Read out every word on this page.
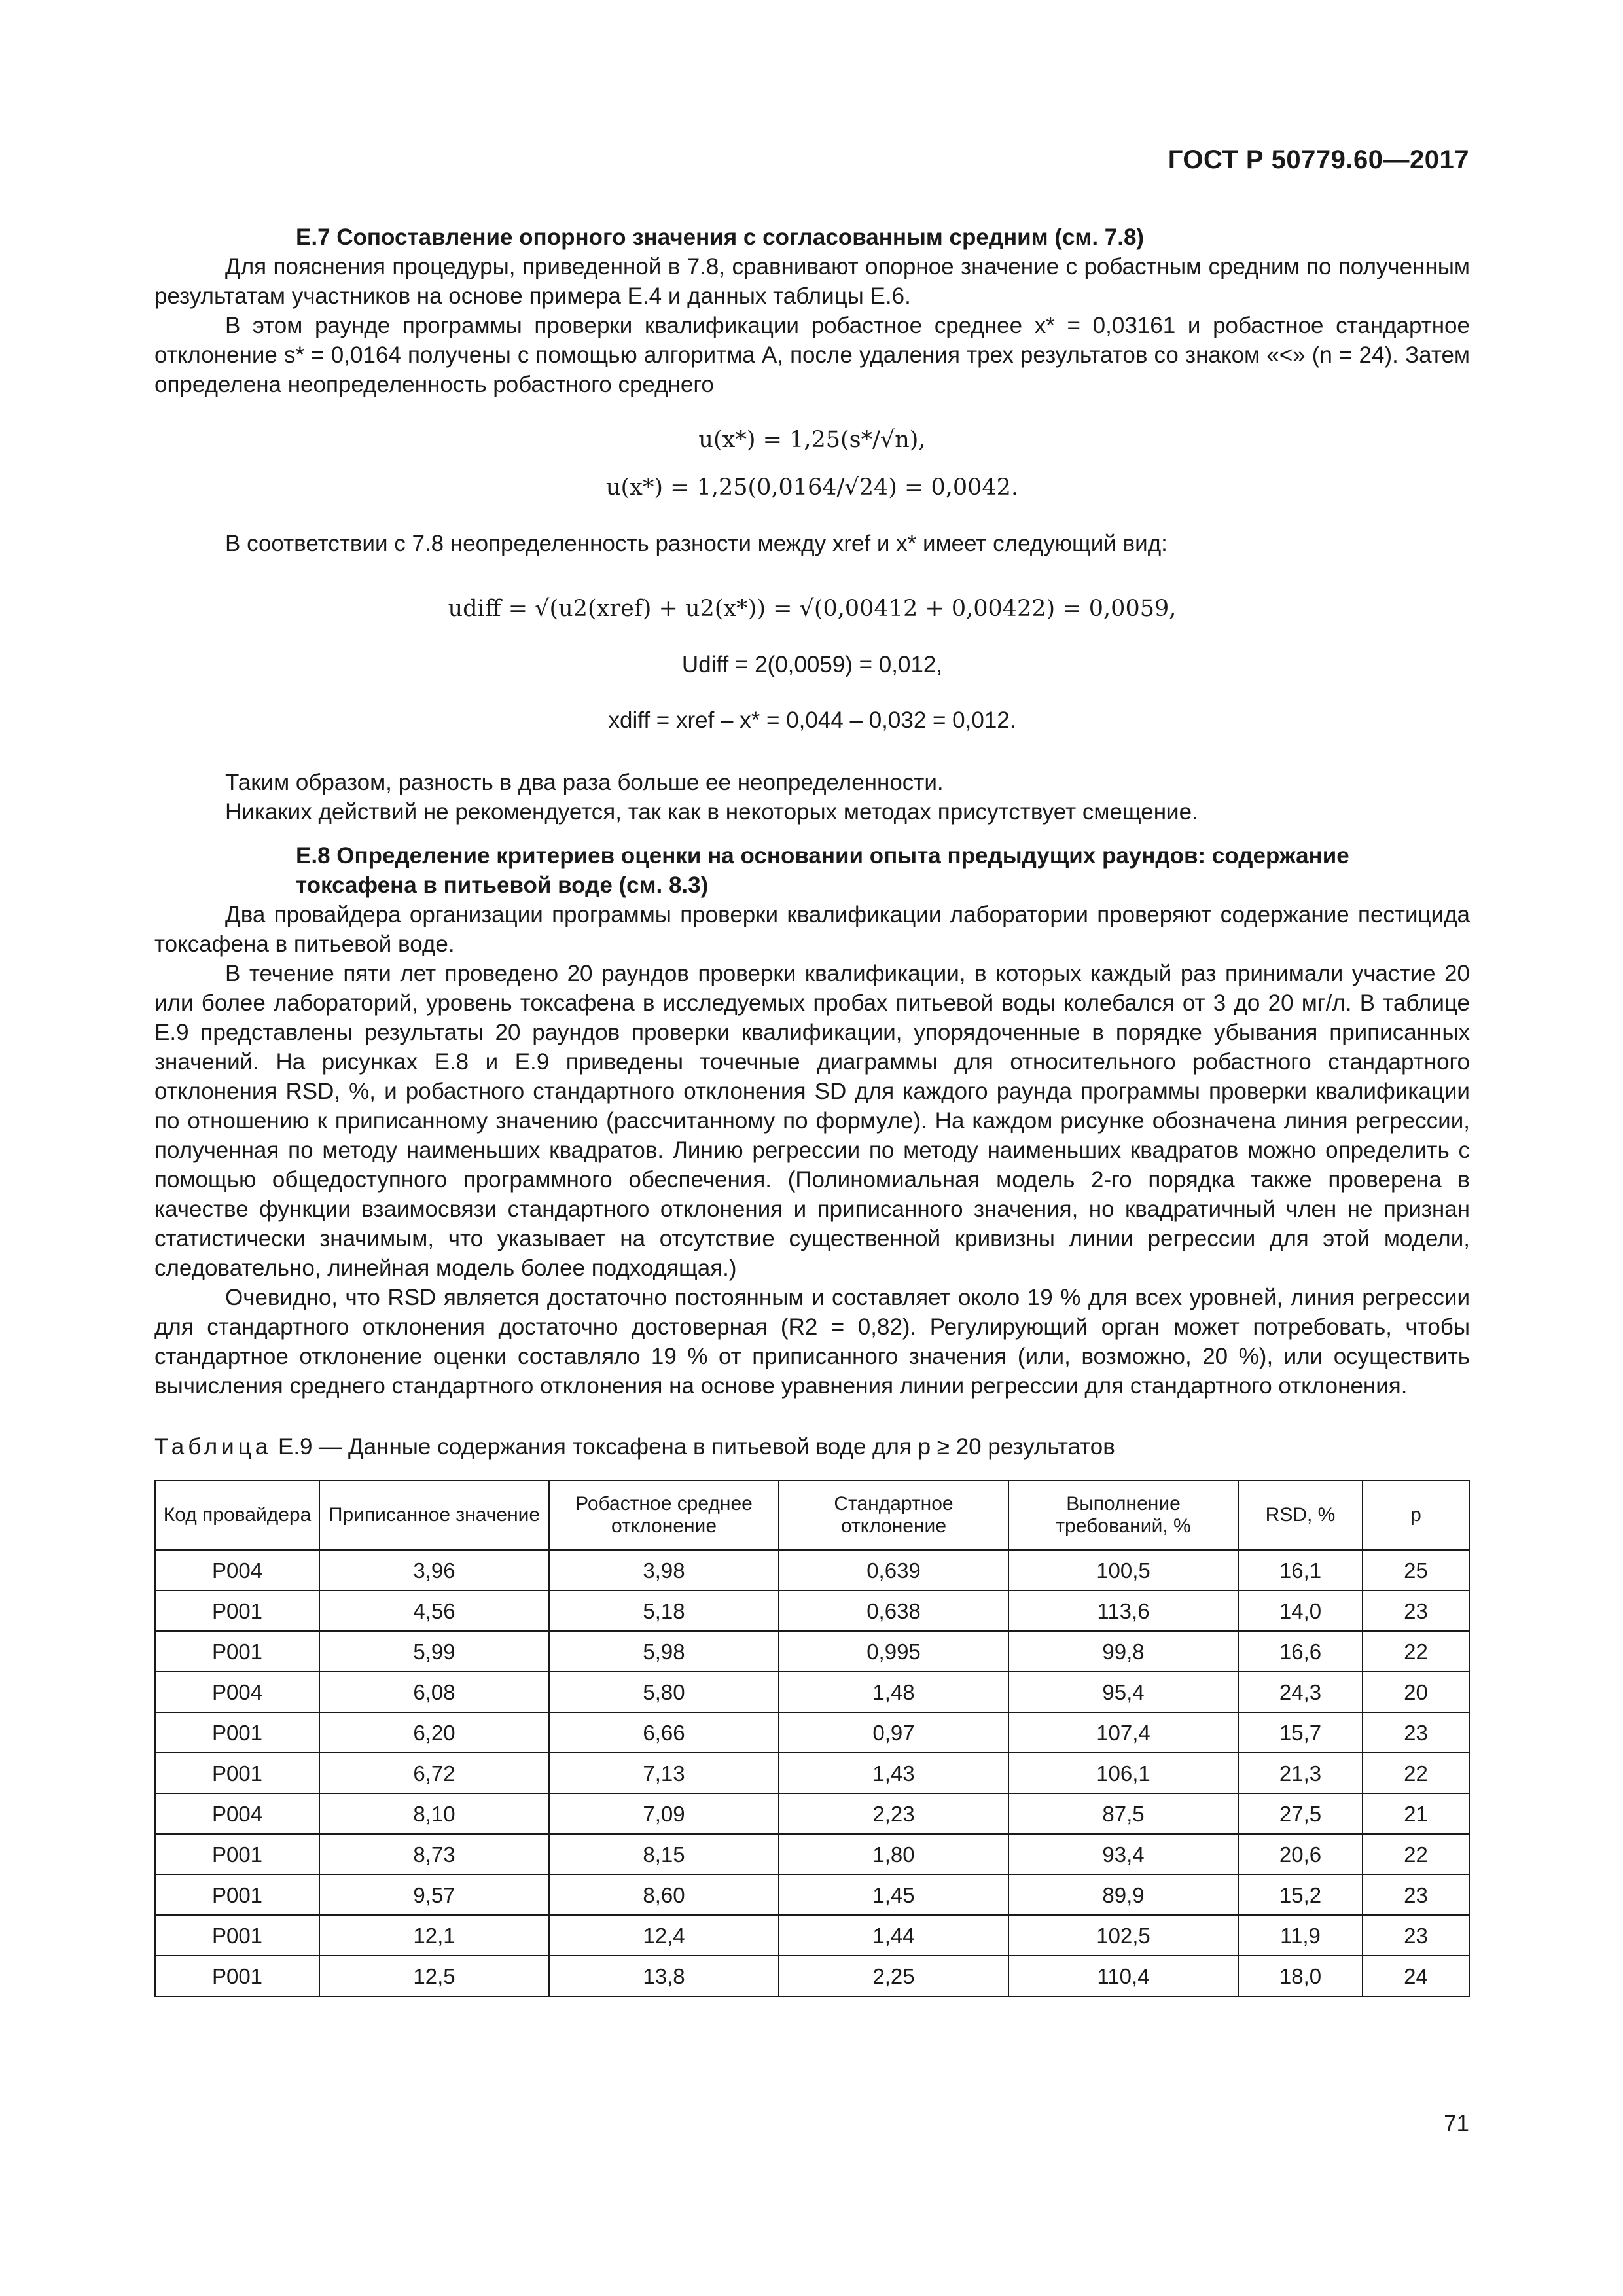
ГОСТ Р 50779.60—2017

Е.7 Сопоставление опорного значения с согласованным средним (см. 7.8)

Для пояснения процедуры, приведенной в 7.8, сравнивают опорное значение с робастным средним по полученным результатам участников на основе примера Е.4 и данных таблицы Е.6.

В этом раунде программы проверки квалификации робастное среднее x* = 0,03161 и робастное стандартное отклонение s* = 0,0164 получены с помощью алгоритма А, после удаления трех результатов со знаком «<» (n = 24). Затем определена неопределенность робастного среднего

u(x*) = 1,25(s*/√n),
u(x*) = 1,25(0,0164/√24) = 0,0042.

В соответствии с 7.8 неопределенность разности между xref и x* имеет следующий вид:

udiff = √(u2(xref) + u2(x*)) = √(0,00412 + 0,00422) = 0,0059,
Udiff = 2(0,0059) = 0,012,
xdiff = xref – x* = 0,044 – 0,032 = 0,012.

Таким образом, разность в два раза больше ее неопределенности.

Никаких действий не рекомендуется, так как в некоторых методах присутствует смещение.

Е.8 Определение критериев оценки на основании опыта предыдущих раундов: содержание

токсафена в питьевой воде (см. 8.3)

Два провайдера организации программы проверки квалификации лаборатории проверяют содержание пестицида токсафена в питьевой воде.

В течение пяти лет проведено 20 раундов проверки квалификации, в которых каждый раз принимали участие 20 или более лабораторий, уровень токсафена в исследуемых пробах питьевой воды колебался от 3 до 20 мг/л. В таблице Е.9 представлены результаты 20 раундов проверки квалификации, упорядоченные в порядке убывания приписанных значений. На рисунках Е.8 и Е.9 приведены точечные диаграммы для относительного робастного стандартного отклонения RSD, %, и робастного стандартного отклонения SD для каждого раунда программы проверки квалификации по отношению к приписанному значению (рассчитанному по формуле). На каждом рисунке обозначена линия регрессии, полученная по методу наименьших квадратов. Линию регрессии по методу наименьших квадратов можно определить с помощью общедоступного программного обеспечения. (Полиномиальная модель 2-го порядка также проверена в качестве функции взаимосвязи стандартного отклонения и приписанного значения, но квадратичный член не признан статистически значимым, что указывает на отсутствие существенной кривизны линии регрессии для этой модели, следовательно, линейная модель более подходящая.)

Очевидно, что RSD является достаточно постоянным и составляет около 19 % для всех уровней, линия регрессии для стандартного отклонения достаточно достоверная (R2 = 0,82). Регулирующий орган может потребовать, чтобы стандартное отклонение оценки составляло 19 % от приписанного значения (или, возможно, 20 %), или осуществить вычисления среднего стандартного отклонения на основе уравнения линии регрессии для стандартного отклонения.

Таблица Е.9 — Данные содержания токсафена в питьевой воде для p ≥ 20 результатов

Код провайдера	Приписанное значение	Робастное среднее отклонение	Стандартное отклонение	Выполнение требований, %	RSD, %	p
P004	3,96	3,98	0,639	100,5	16,1	25
P001	4,56	5,18	0,638	113,6	14,0	23
P001	5,99	5,98	0,995	99,8	16,6	22
P004	6,08	5,80	1,48	95,4	24,3	20
P001	6,20	6,66	0,97	107,4	15,7	23
P001	6,72	7,13	1,43	106,1	21,3	22
P004	8,10	7,09	2,23	87,5	27,5	21
P001	8,73	8,15	1,80	93,4	20,6	22
P001	9,57	8,60	1,45	89,9	15,2	23
P001	12,1	12,4	1,44	102,5	11,9	23
P001	12,5	13,8	2,25	110,4	18,0	24
71
